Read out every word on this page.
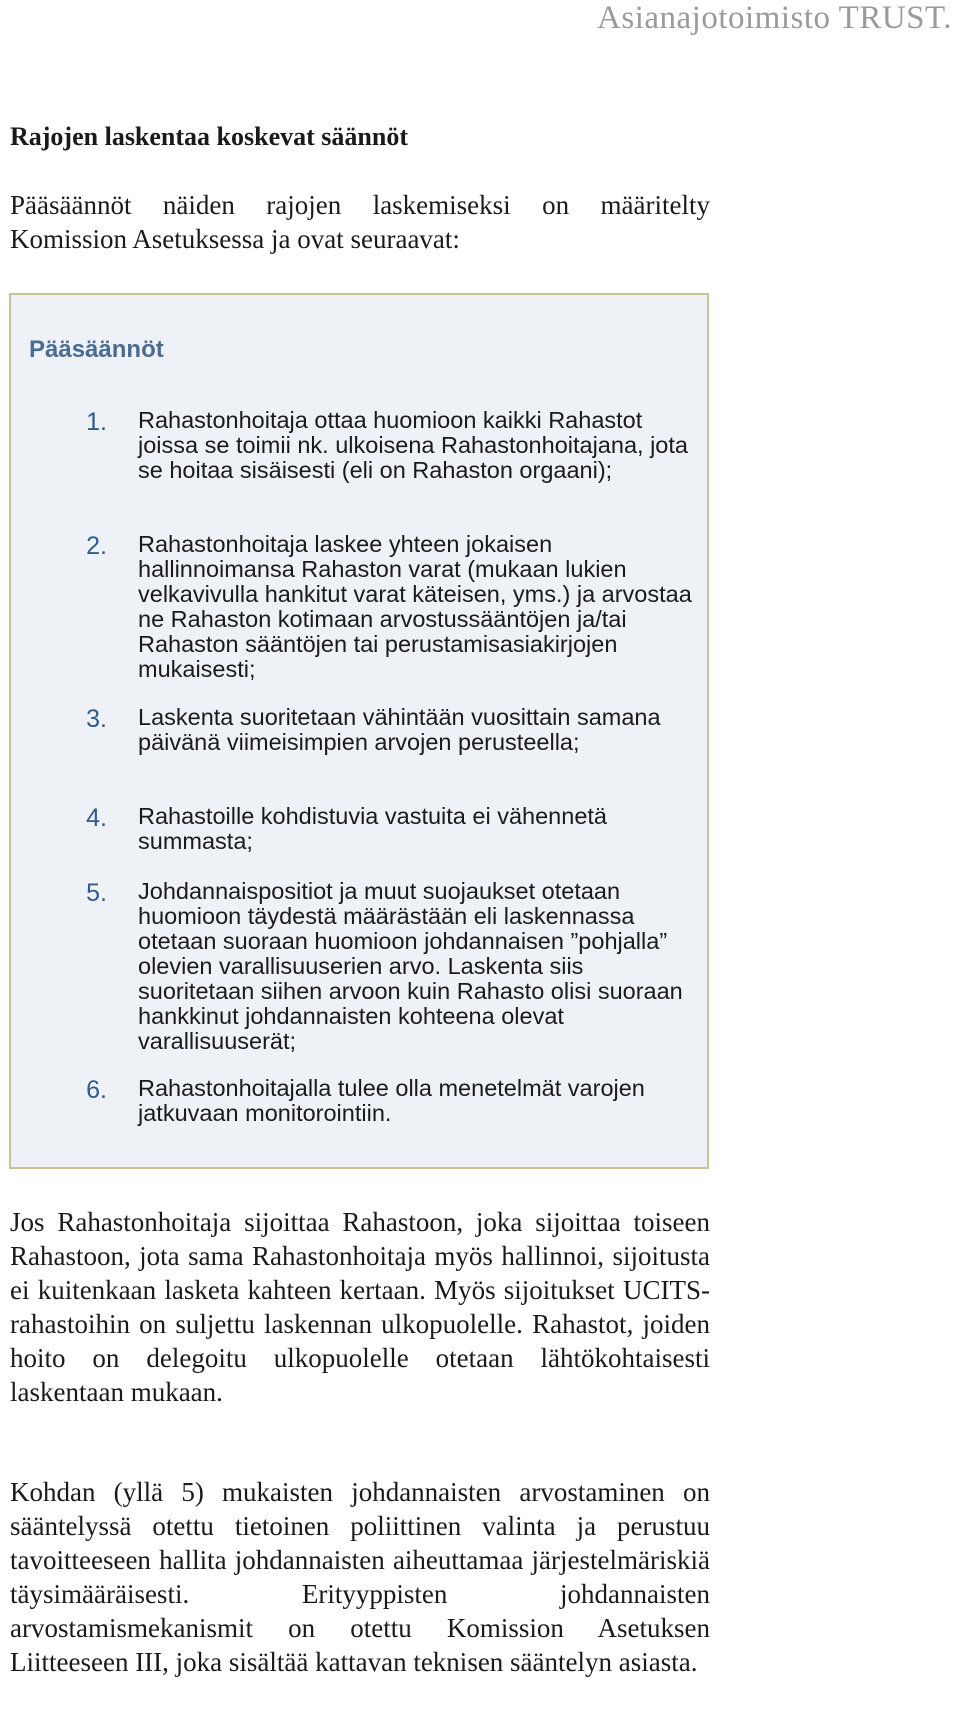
Asianajotoimisto TRUST.
Rajojen laskentaa koskevat säännöt
Pääsäännöt näiden rajojen laskemiseksi on määritelty Komission Asetuksessa ja ovat seuraavat:
Pääsäännöt
1. Rahastonhoitaja ottaa huomioon kaikki Rahastot joissa se toimii nk. ulkoisena Rahastonhoitajana, jota se hoitaa sisäisesti (eli on Rahaston orgaani);
2. Rahastonhoitaja laskee yhteen jokaisen hallinnoimansa Rahaston varat (mukaan lukien velkavivulla hankitut varat käteisen, yms.) ja arvostaa ne Rahaston kotimaan arvostussääntöjen ja/tai Rahaston sääntöjen tai perustamisasiakirjojen mukaisesti;
3. Laskenta suoritetaan vähintään vuosittain samana päivänä viimeisimpien arvojen perusteella;
4. Rahastoille kohdistuvia vastuita ei vähennetä summasta;
5. Johdannaispositiot ja muut suojaukset otetaan huomioon täydestä määrästään eli laskennassa otetaan suoraan huomioon johdannaisen ”pohjalla” olevien varallisuuserien arvo. Laskenta siis suoritetaan siihen arvoon kuin Rahasto olisi suoraan hankkinut johdannaisten kohteena olevat varallisuuserät;
6. Rahastonhoitajalla tulee olla menetelmät varojen jatkuvaan monitorointiin.
Jos Rahastonhoitaja sijoittaa Rahastoon, joka sijoittaa toiseen Rahastoon, jota sama Rahastonhoitaja myös hallinnoi, sijoitusta ei kuitenkaan lasketa kahteen kertaan. Myös sijoitukset UCITS-rahastoihin on suljettu laskennan ulkopuolelle. Rahastot, joiden hoito on delegoitu ulkopuolelle otetaan lähtökohtaisesti laskentaan mukaan.
Kohdan (yllä 5) mukaisten johdannaisten arvostaminen on sääntelyssä otettu tietoinen poliittinen valinta ja perustuu tavoitteeseen hallita johdannaisten aiheuttamaa järjestelmäriskiä täysimääräisesti. Erityyppisten johdannaisten arvostamismekanismit on otettu Komission Asetuksen Liitteeseen III, joka sisältää kattavan teknisen sääntelyn asiasta.
